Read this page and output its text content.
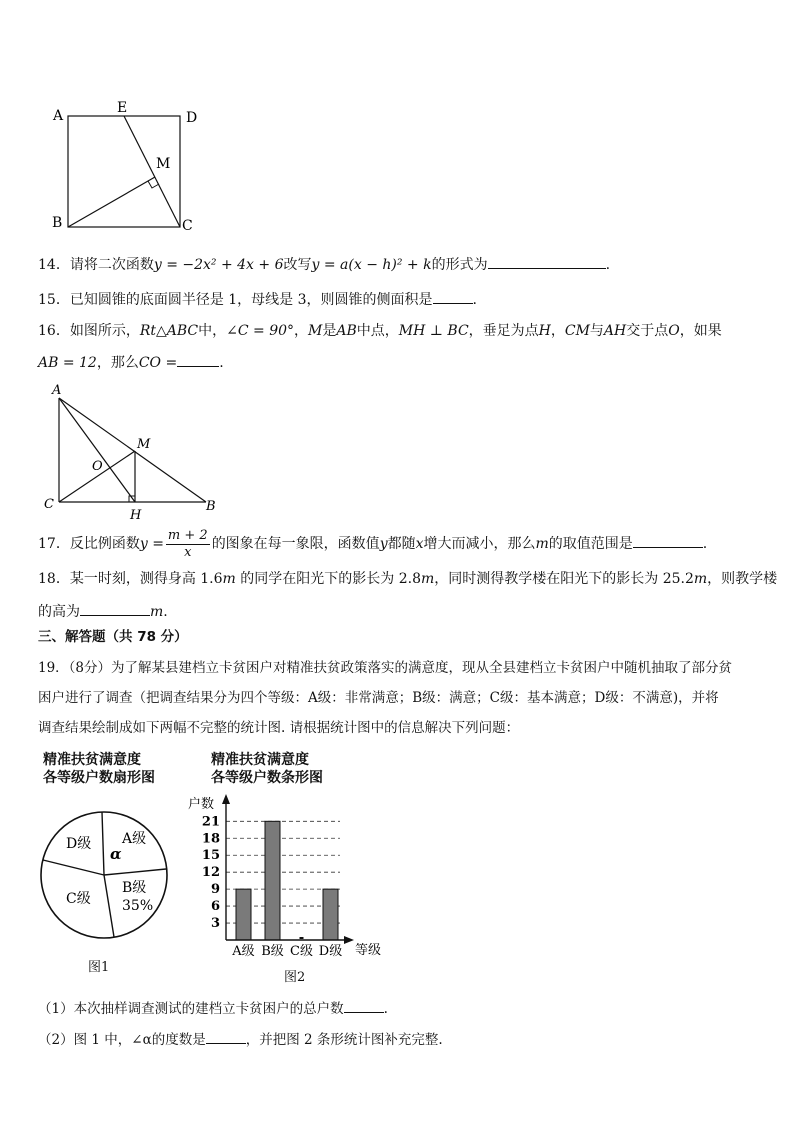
A	D
E
M
B	C
14．请将二次函数y = −2x² + 4x + 6改写y = a(x − h)² + k的形式为	.
15．已知圆锥的底面圆半径是 1，母线是 3，则圆锥的侧面积是	.
16．如图所示，Rt△ABC中，∠C = 90°，M是AB中点，MH ⊥ BC，垂足为点H，CM与AH交于点O，如果
AB = 12，那么CO =	.
A
M
O
C
H
B
17．反比例函数$y = \frac{m + 2}{x}$ 的图象在每一象限，函数值y都随x增大而减小，那么m的取值范围是	.
18．某一时刻，测得身高 1.6m 的同学在阳光下的影长为 2.8m，同时测得教学楼在阳光下的影长为 25.2m，则教学楼
的高为	m.
三、解答题（共 78 分）
19．（8分）为了解某县建档立卡贫困户对精准扶贫政策落实的满意度，现从全县建档立卡贫困户中随机抽取了部分贫
困户进行了调查（把调查结果分为四个等级：A级：非常满意；B级：满意；C级：基本满意；D级：不满意)，并将
调查结果绘制成如下两幅不完整的统计图. 请根据统计图中的信息解决下列问题：
精准扶贫满意度
各等级户数扇形图
A级
α
D级
C级
B级
35%
图1
精准扶贫满意度
各等级户数条形图
3
6
9
12
15
18
21
A级 B级 C级 D级
户数
等级
图2
（1）本次抽样调查测试的建档立卡贫困户的总户数	.
（2）图 1 中，∠α的度数是	，并把图 2 条形统计图补充完整.
